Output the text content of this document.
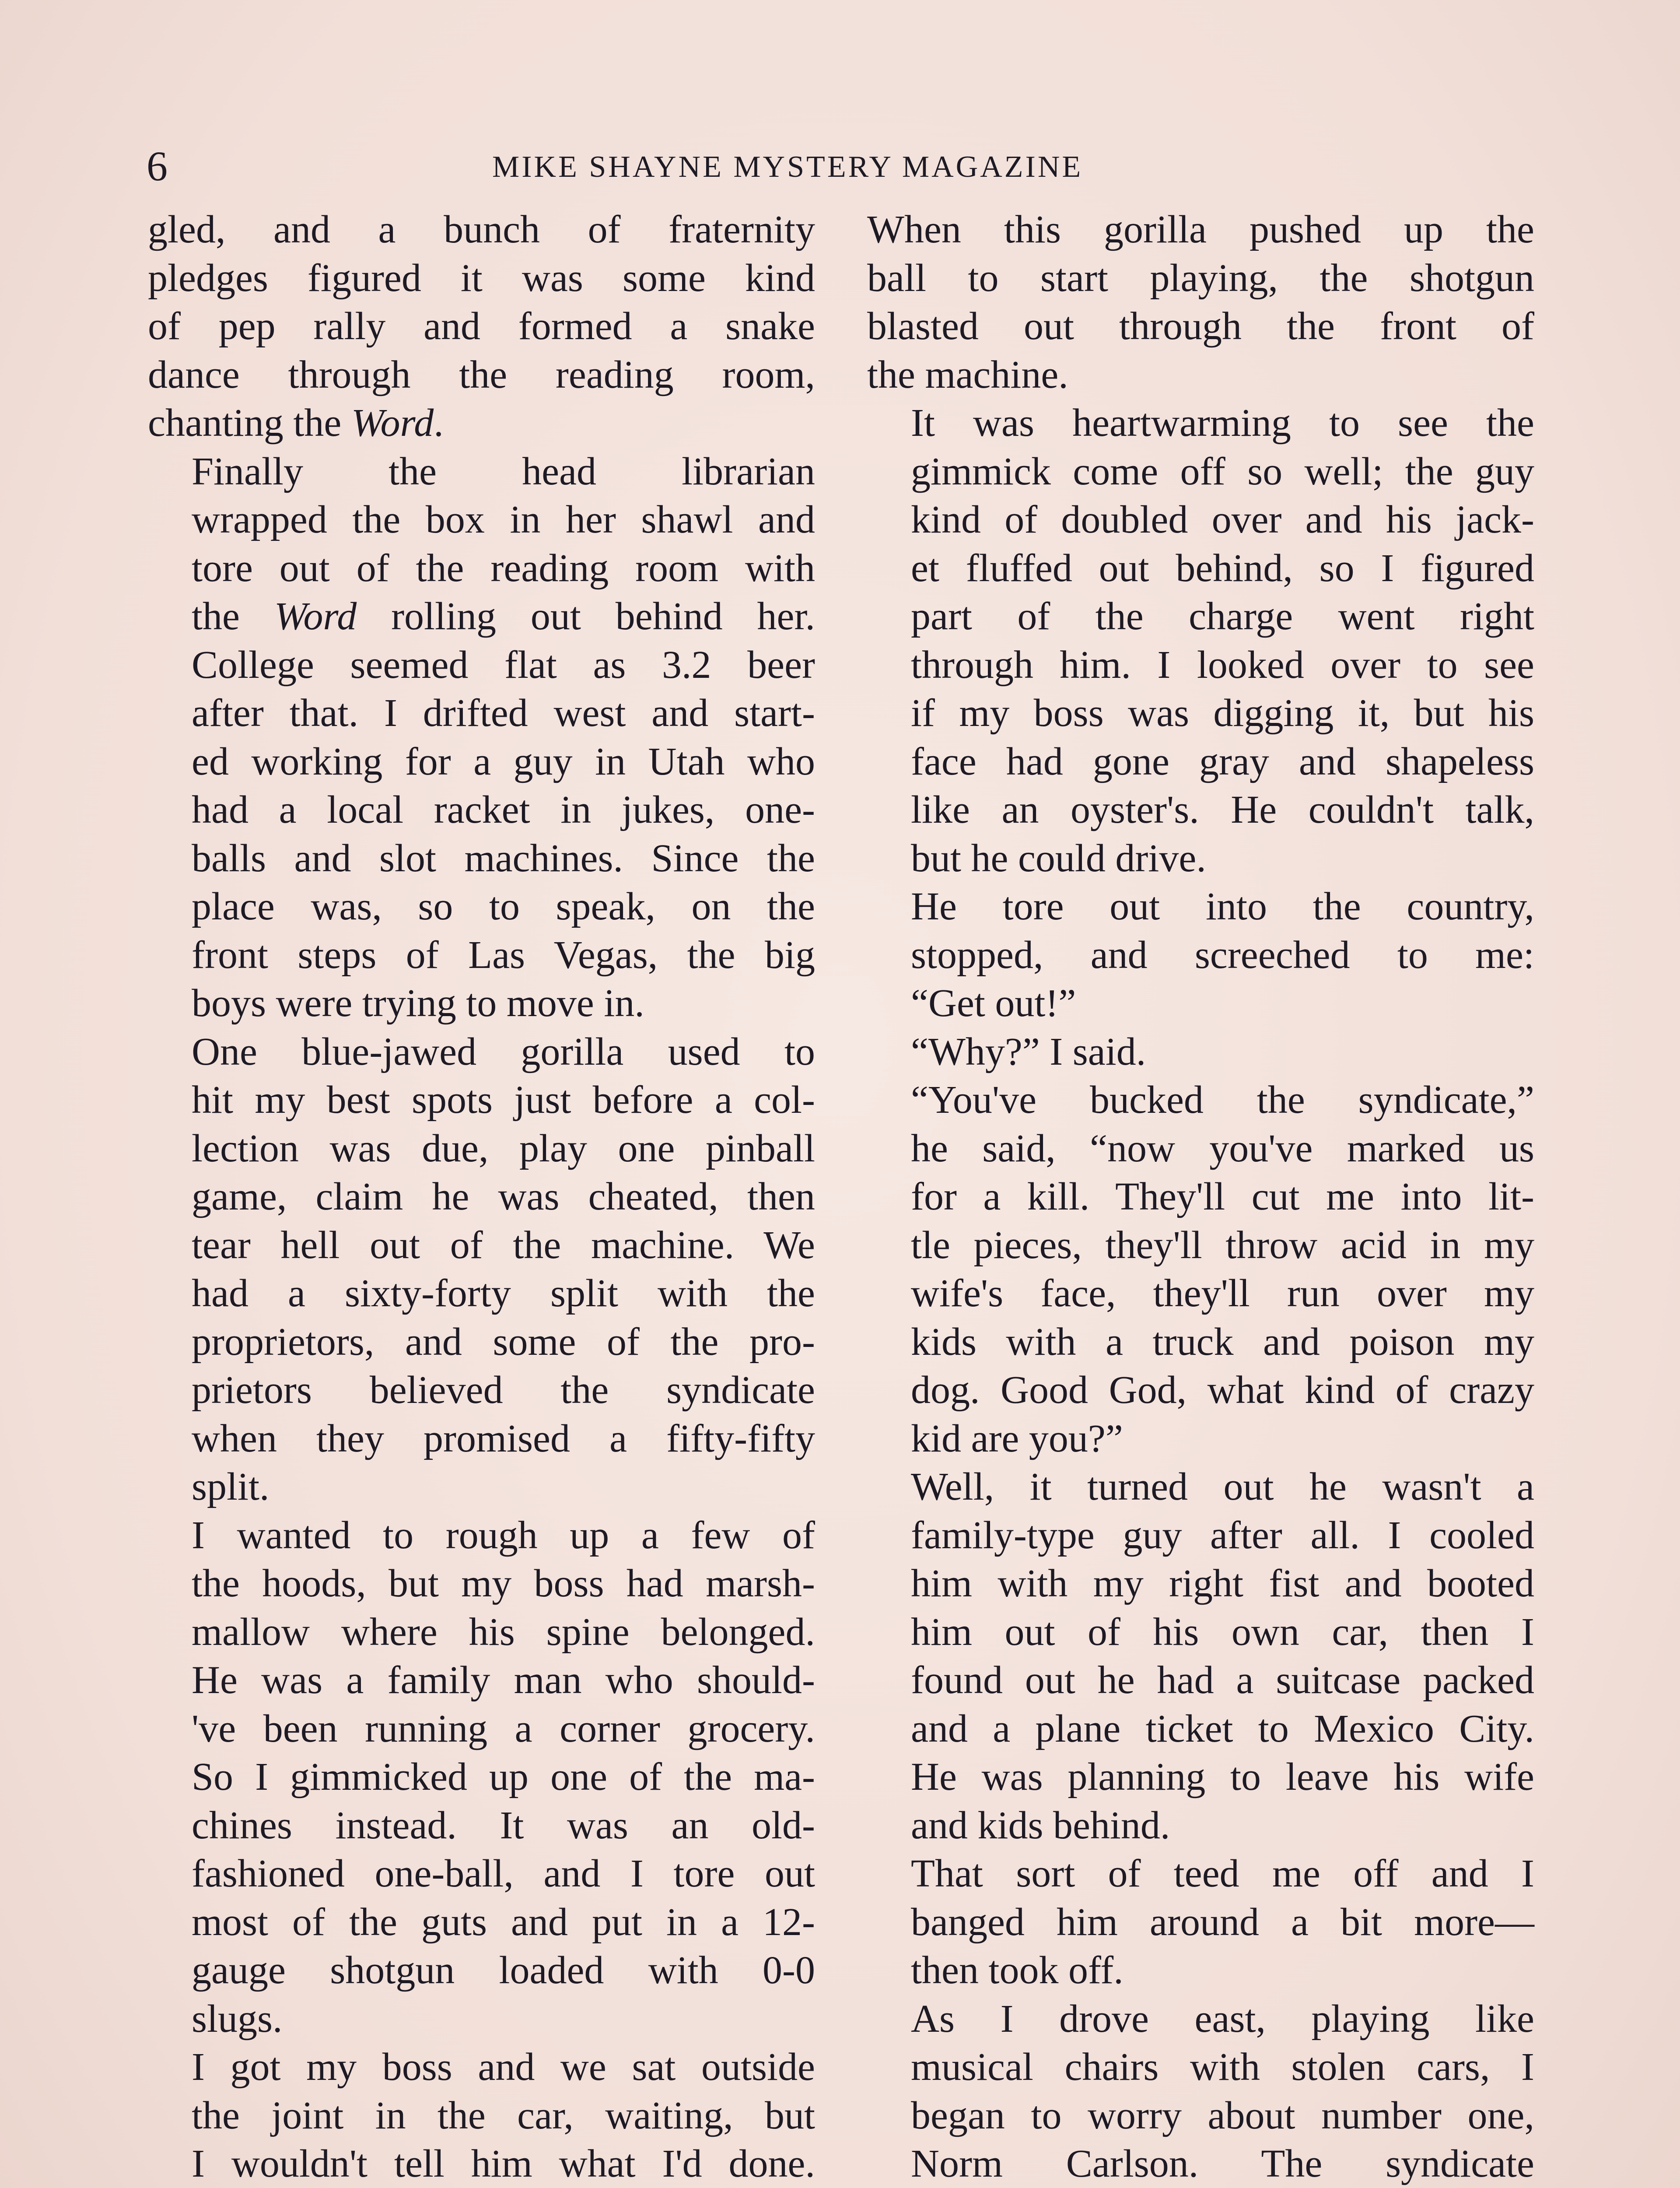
6	MIKE SHAYNE MYSTERY MAGAZINE

gled, and a bunch of fraternity
pledges figured it was some kind
of pep rally and formed a snake
dance through the reading room,
chanting the Word.

Finally the head librarian
wrapped the box in her shawl and
tore out of the reading room with
the Word rolling out behind her.

College seemed flat as 3.2 beer
after that. I drifted west and start-
ed working for a guy in Utah who
had a local racket in jukes, one-
balls and slot machines. Since the
place was, so to speak, on the
front steps of Las Vegas, the big
boys were trying to move in.

One blue-jawed gorilla used to
hit my best spots just before a col-
lection was due, play one pinball
game, claim he was cheated, then
tear hell out of the machine. We
had a sixty-forty split with the
proprietors, and some of the pro-
prietors believed the syndicate
when they promised a fifty-fifty
split.

I wanted to rough up a few of
the hoods, but my boss had marsh-
mallow where his spine belonged.
He was a family man who should-
've been running a corner grocery.
So I gimmicked up one of the ma-
chines instead. It was an old-
fashioned one-ball, and I tore out
most of the guts and put in a 12-
gauge shotgun loaded with 0-0
slugs.

I got my boss and we sat outside
the joint in the car, waiting, but
I wouldn't tell him what I'd done.

When this gorilla pushed up the
ball to start playing, the shotgun
blasted out through the front of
the machine.

It was heartwarming to see the
gimmick come off so well; the guy
kind of doubled over and his jack-
et fluffed out behind, so I figured
part of the charge went right
through him. I looked over to see
if my boss was digging it, but his
face had gone gray and shapeless
like an oyster's. He couldn't talk,
but he could drive.

He tore out into the country,
stopped, and screeched to me:
“Get out!”

“Why?” I said.

“You've bucked the syndicate,”
he said, “now you've marked us
for a kill. They'll cut me into lit-
tle pieces, they'll throw acid in my
wife's face, they'll run over my
kids with a truck and poison my
dog. Good God, what kind of crazy
kid are you?”

Well, it turned out he wasn't a
family-type guy after all. I cooled
him with my right fist and booted
him out of his own car, then I
found out he had a suitcase packed
and a plane ticket to Mexico City.
He was planning to leave his wife
and kids behind.

That sort of teed me off and I
banged him around a bit more—
then took off.

As I drove east, playing like
musical chairs with stolen cars, I
began to worry about number one,
Norm Carlson. The syndicate
